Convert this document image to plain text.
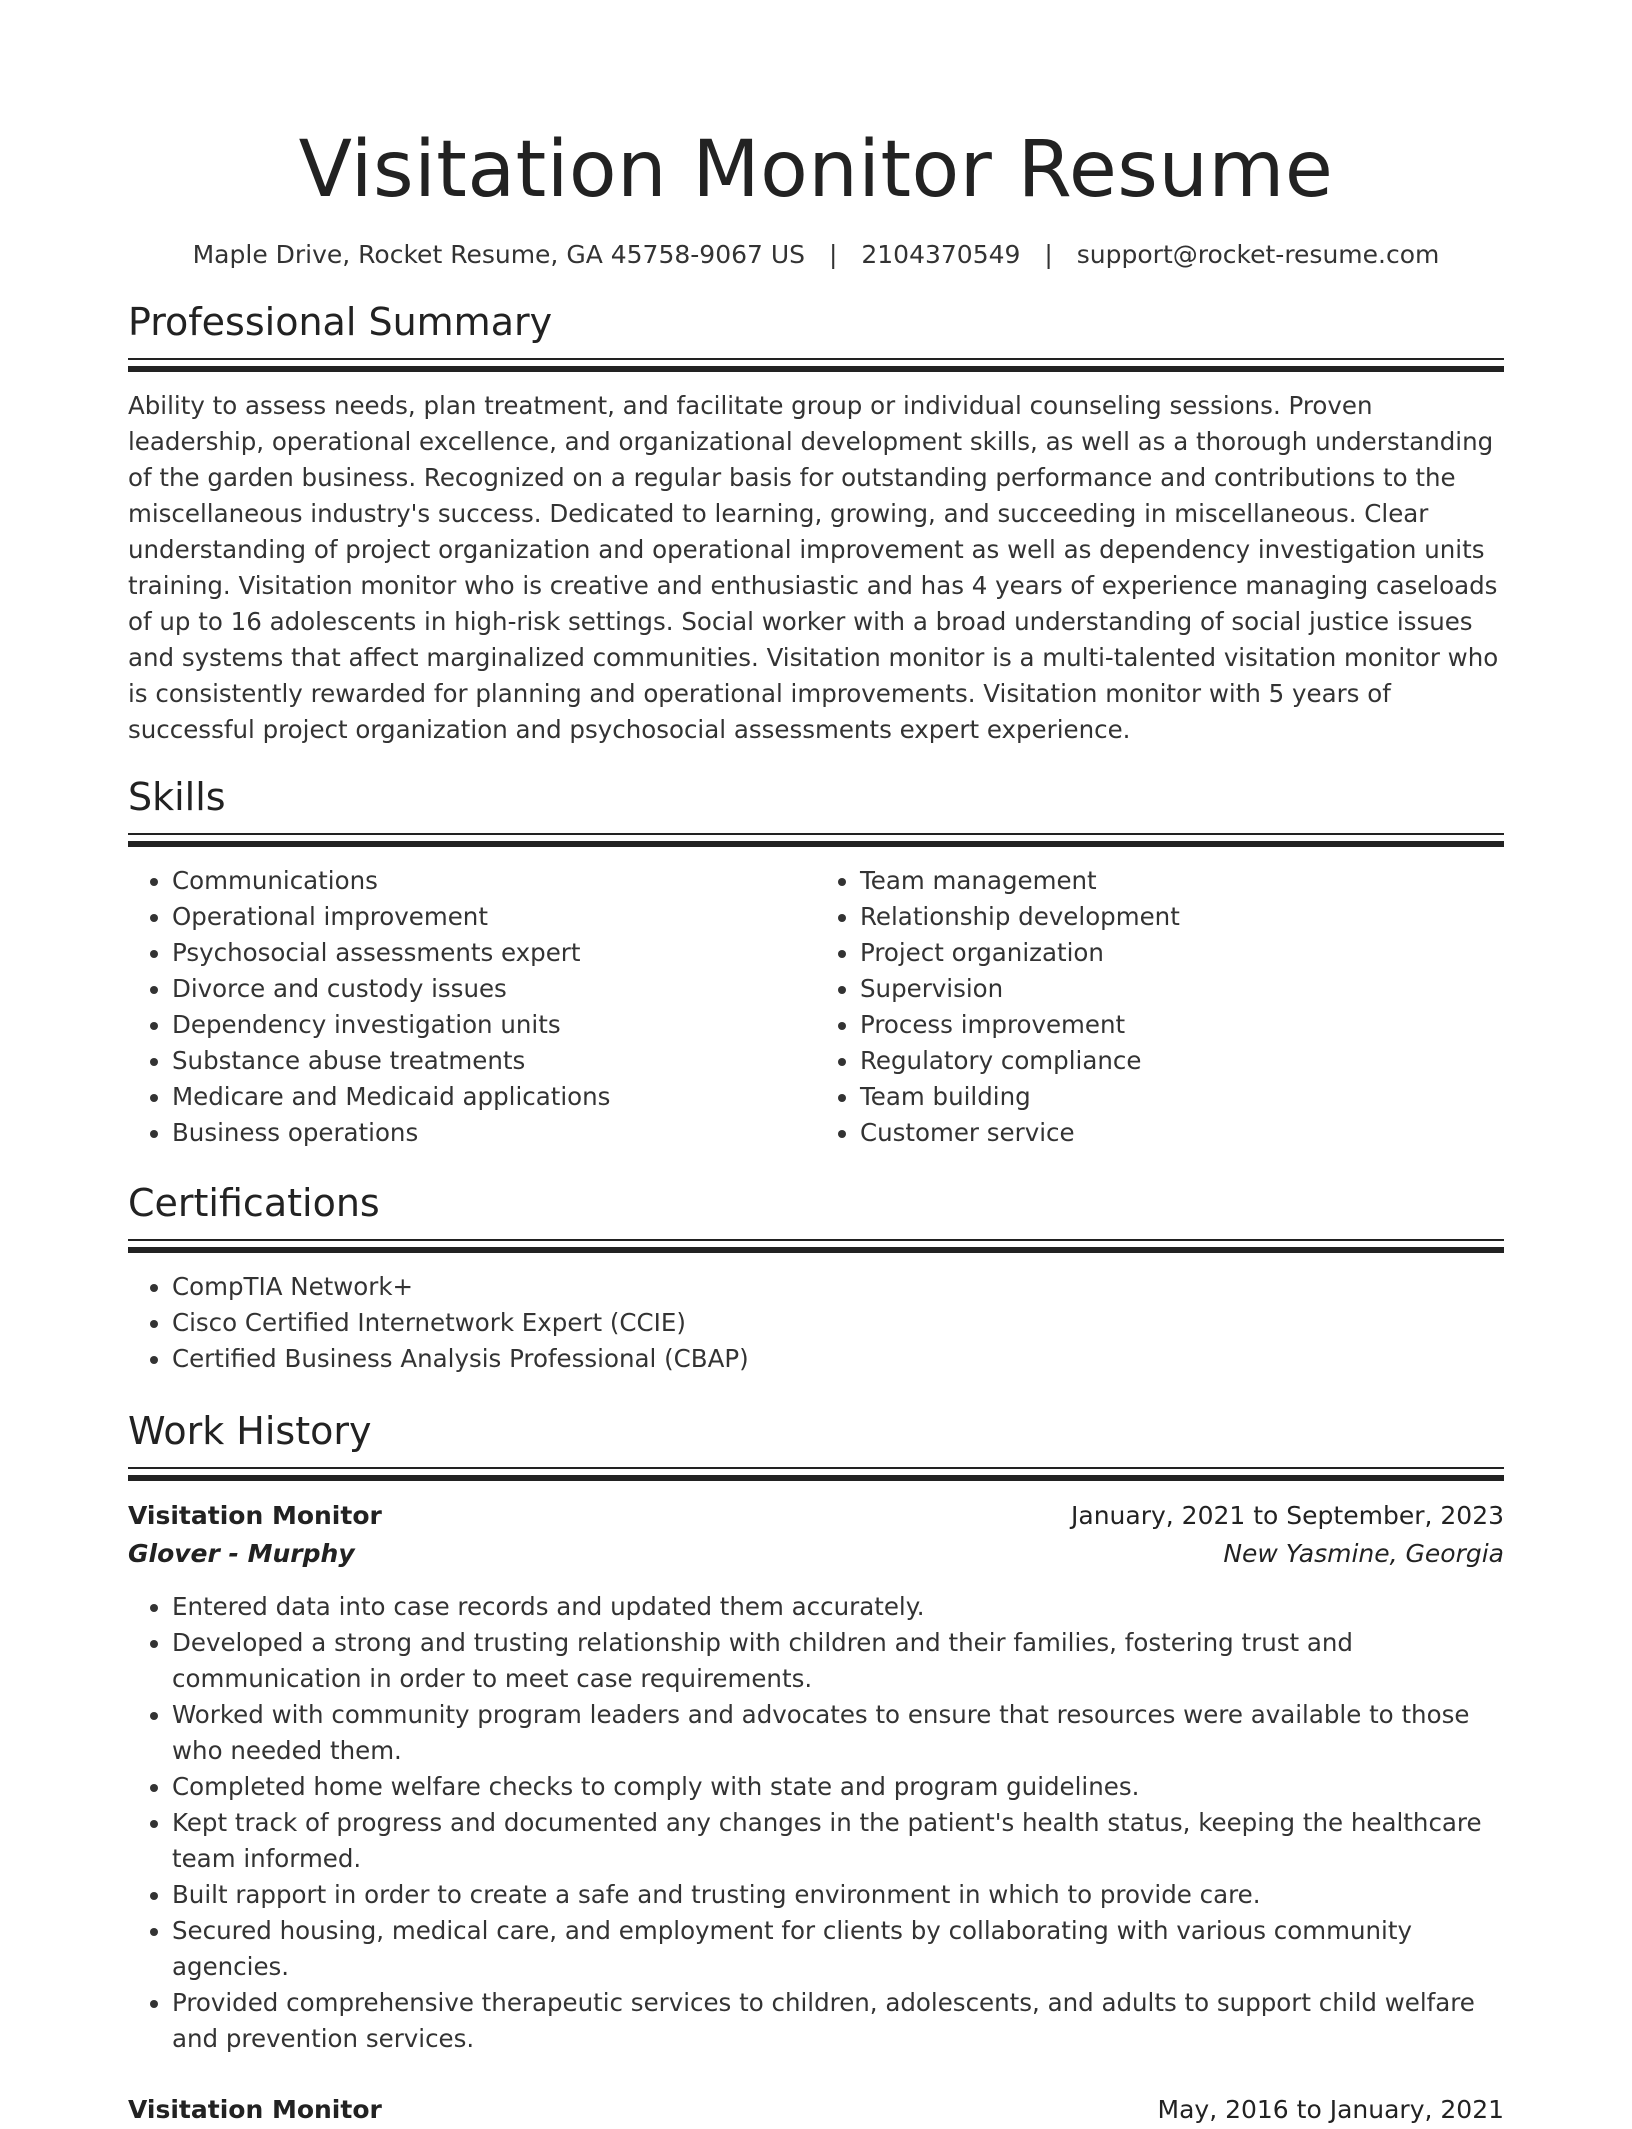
Visitation Monitor Resume
Maple Drive, Rocket Resume, GA 45758-9067 US | 2104370549 | support@rocket-resume.com
Professional Summary

Ability to assess needs, plan treatment, and facilitate group or individual counseling sessions. Proven leadership, operational excellence, and organizational development skills, as well as a thorough understanding of the garden business. Recognized on a regular basis for outstanding performance and contributions to the miscellaneous industry's success. Dedicated to learning, growing, and succeeding in miscellaneous. Clear understanding of project organization and operational improvement as well as dependency investigation units training. Visitation monitor who is creative and enthusiastic and has 4 years of experience managing caseloads of up to 16 adolescents in high-risk settings. Social worker with a broad understanding of social justice issues and systems that affect marginalized communities. Visitation monitor is a multi-talented visitation monitor who is consistently rewarded for planning and operational improvements. Visitation monitor with 5 years of successful project organization and psychosocial assessments expert experience.

Skills
• Communications
• Operational improvement
• Psychosocial assessments expert
• Divorce and custody issues
• Dependency investigation units
• Substance abuse treatments
• Medicare and Medicaid applications
• Business operations
• Team management
• Relationship development
• Project organization
• Supervision
• Process improvement
• Regulatory compliance
• Team building
• Customer service
Certifications
• CompTIA Network+
• Cisco Certified Internetwork Expert (CCIE)
• Certified Business Analysis Professional (CBAP)
Work History
Visitation Monitor	January, 2021 to September, 2023
Glover - Murphy	New Yasmine, Georgia
• Entered data into case records and updated them accurately.
• Developed a strong and trusting relationship with children and their families, fostering trust and communication in order to meet case requirements.
• Worked with community program leaders and advocates to ensure that resources were available to those who needed them.
• Completed home welfare checks to comply with state and program guidelines.
• Kept track of progress and documented any changes in the patient's health status, keeping the healthcare team informed.
• Built rapport in order to create a safe and trusting environment in which to provide care.
• Secured housing, medical care, and employment for clients by collaborating with various community agencies.
• Provided comprehensive therapeutic services to children, adolescents, and adults to support child welfare and prevention services.
Visitation Monitor	May, 2016 to January, 2021
